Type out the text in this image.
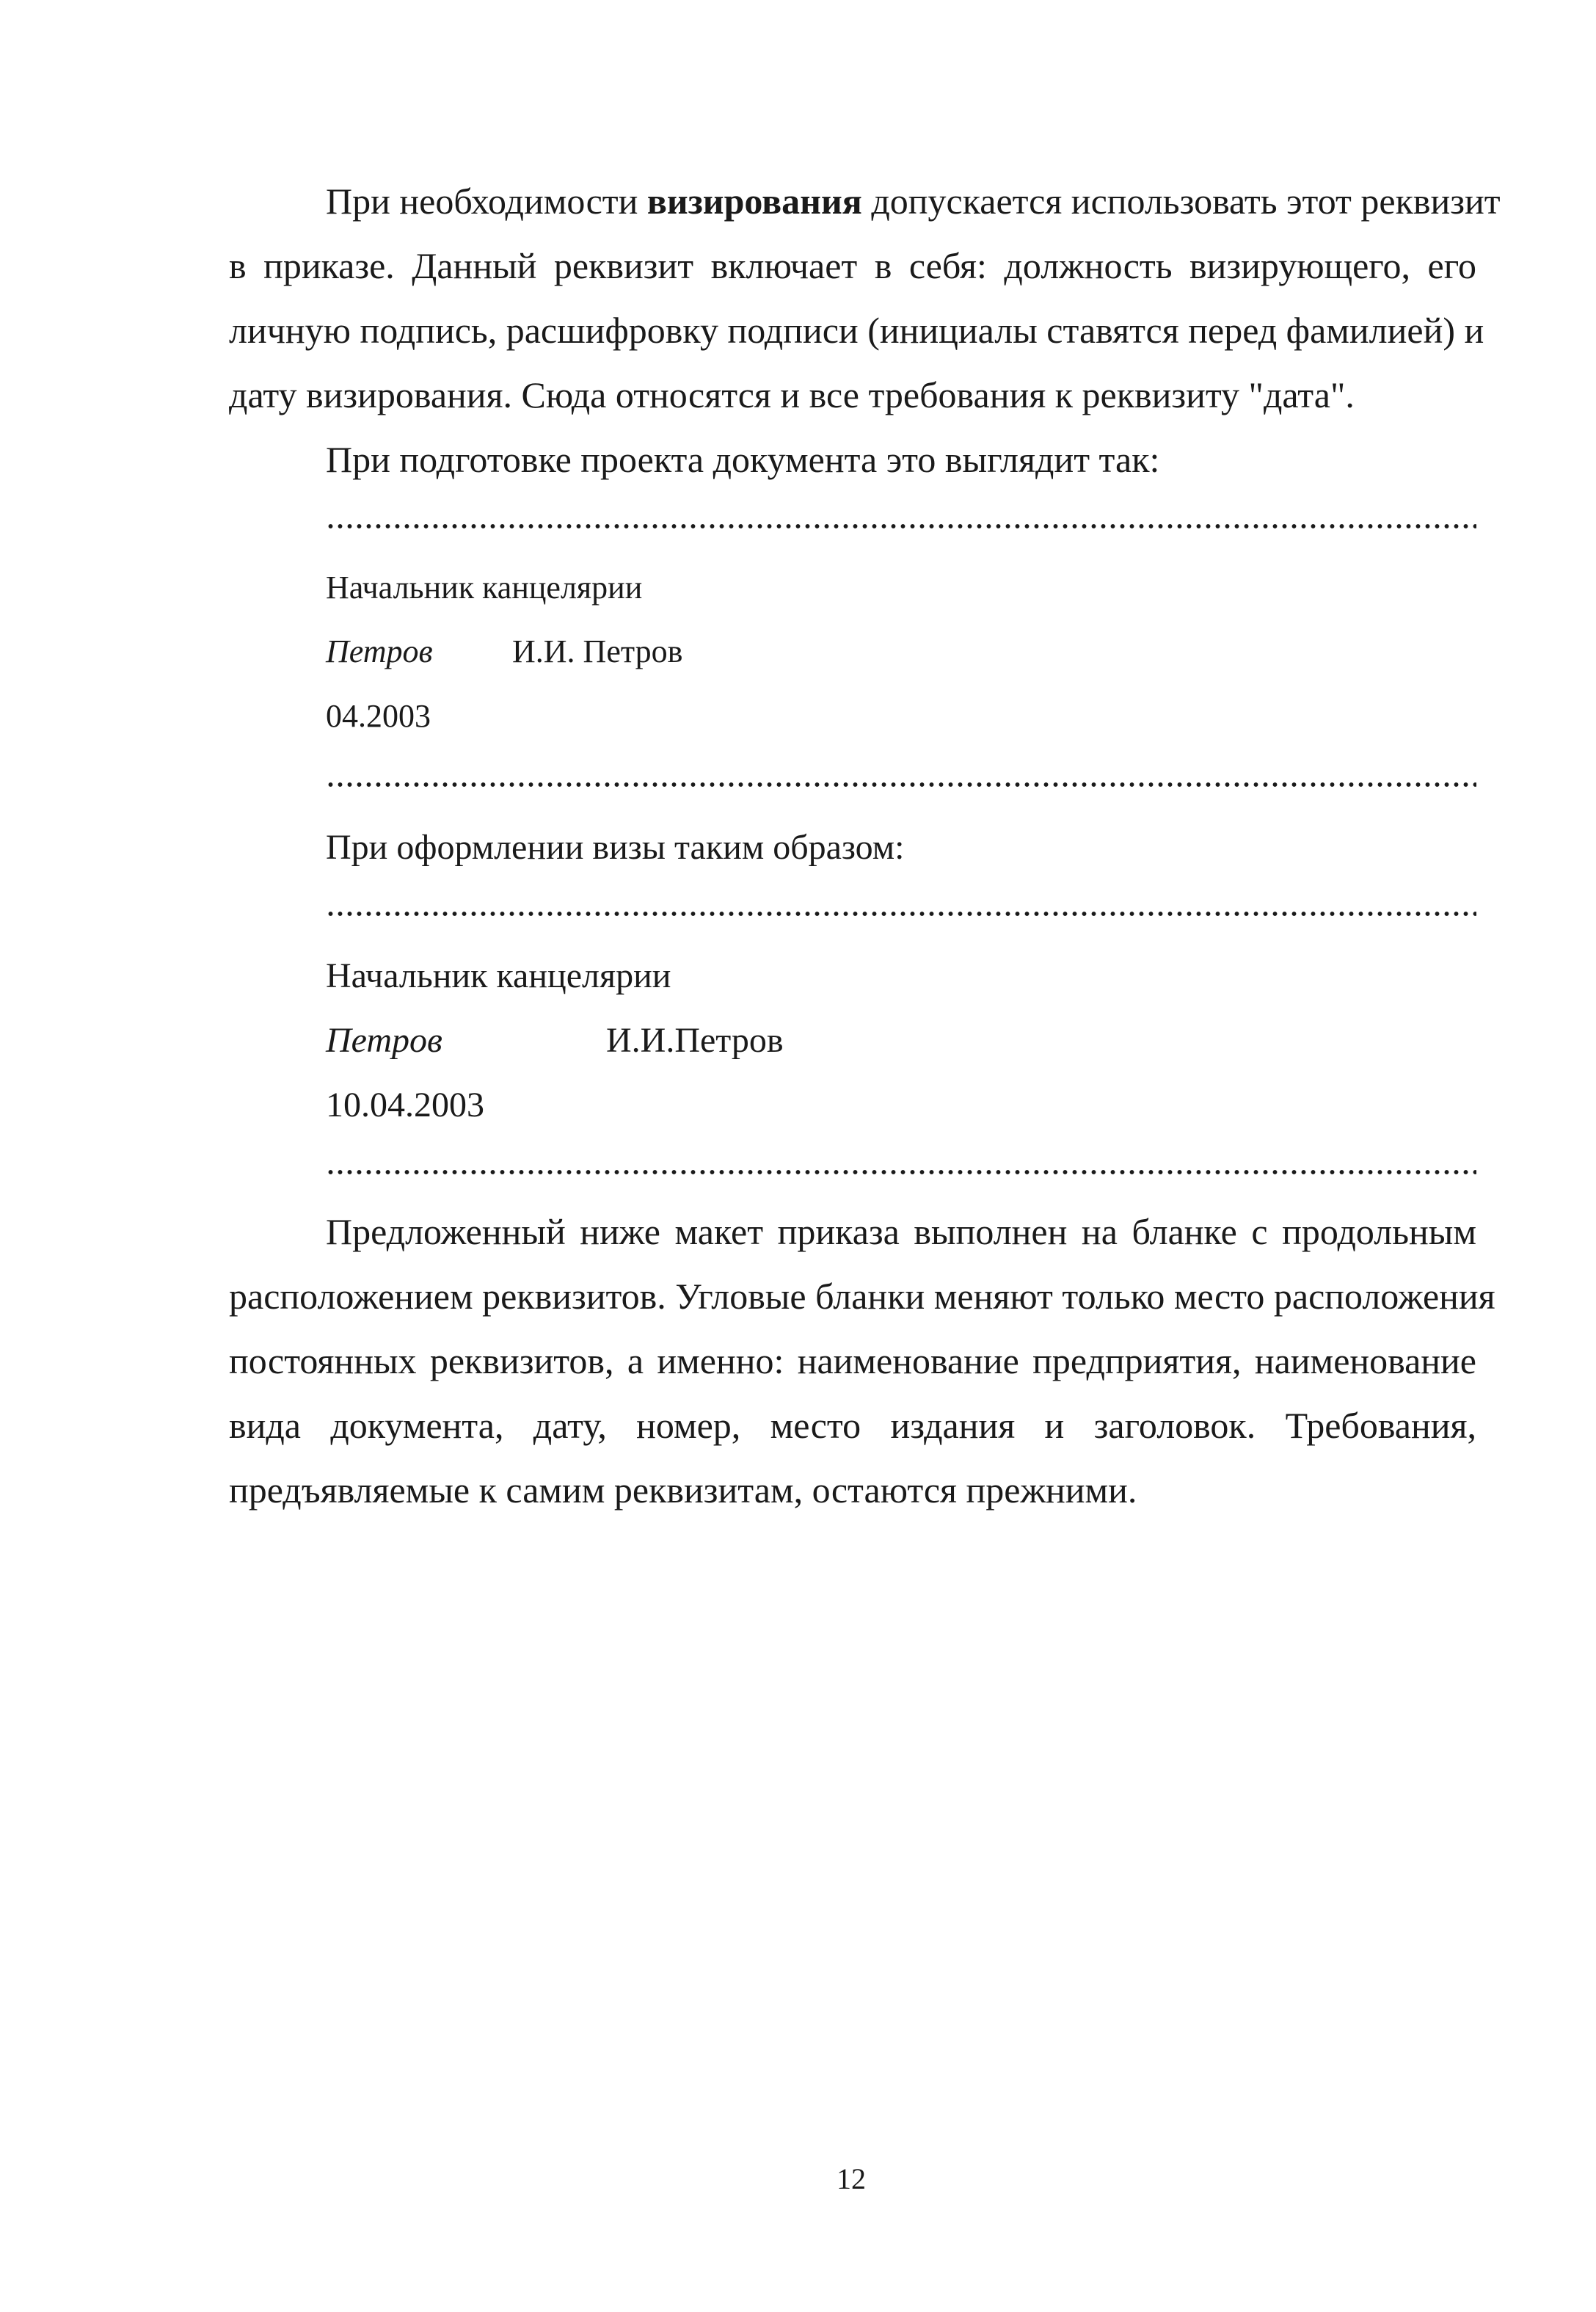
При необходимости визирования допускается использовать этот реквизит
в приказе. Данный реквизит включает в себя: должность визирующего, его
личную подпись, расшифровку подписи (инициалы ставятся перед фамилией) и
дату визирования. Сюда относятся и все требования к реквизиту "дата".
При подготовке проекта документа это выглядит так:
Начальник канцелярии
Петров И.И. Петров
04.2003
При оформлении визы таким образом:
Начальник канцелярии
Петров	И.И.Петров
10.04.2003
Предложенный ниже макет приказа выполнен на бланке с продольным
расположением реквизитов. Угловые бланки меняют только место расположения
постоянных реквизитов, а именно: наименование предприятия, наименование
вида документа, дату, номер, место издания и заголовок. Требования,
предъявляемые к самим реквизитам, остаются прежними.
12
